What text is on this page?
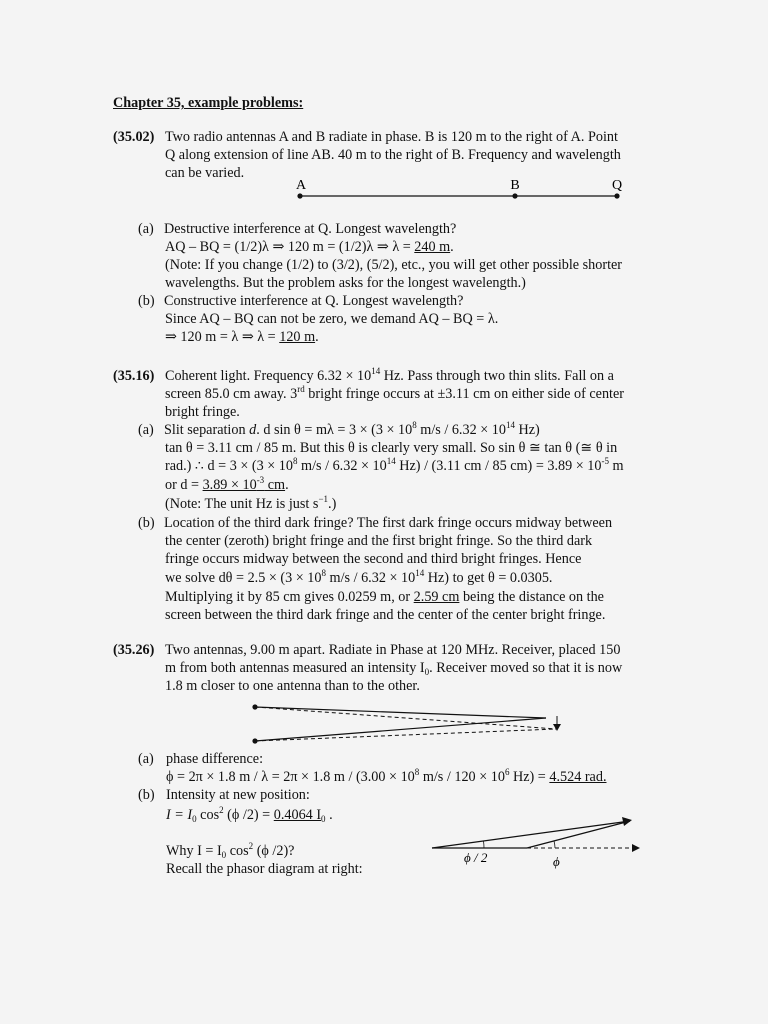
Chapter 35, example problems:
(35.02) Two radio antennas A and B radiate in phase. B is 120 m to the right of A. Point
Q along extension of line AB. 40 m to the right of B. Frequency and wavelength
can be varied.
A	B	Q
(a) Destructive interference at Q. Longest wavelength?
AQ – BQ = (1/2)λ ⇒ 120 m = (1/2)λ ⇒ λ = 240 m.
(Note: If you change (1/2) to (3/2), (5/2), etc., you will get other possible shorter
wavelengths. But the problem asks for the longest wavelength.)
(b) Constructive interference at Q. Longest wavelength?
Since AQ – BQ can not be zero, we demand AQ – BQ = λ.
⇒ 120 m = λ ⇒ λ = 120 m.
(35.16) Coherent light. Frequency $6.32 \times 10^{14}$ Hz. Pass through two thin slits. Fall on a
screen 85.0 cm away. 3rd bright fringe occurs at ±3.11 cm on either side of center
bright fringe.
(a) Slit separation d. d $\sin \theta = m\lambda = 3 \times (3 \times 10^8$ $m/s / 6.32 \times 10^{14}$ Hz)
tan θ = 3.11 cm / 85 m. But this θ is clearly very small. So sin θ ≅ tan θ (≅ θ in
rad.) ∴ $d = 3 \times (3 \times 10^8$ $m/s / 6.32 \times 10^{14}$ Hz) / (3.11 cm / 85 $cm) = 3.89 \times 10^{-5}$ m
or $d = 3.89 \times 10^{-3}$ cm.
(Note: The unit Hz is just $s^{-1}$.)
(b) Location of the third dark fringe? The first dark fringe occurs midway between
the center (zeroth) bright fringe and the first bright fringe. So the third dark
fringe occurs midway between the second and third bright fringes. Hence
we solve $d\theta = 2.5 \times (3 \times 10^8$ $m/s / 6.32 \times 10^{14}$ Hz) to get θ = 0.0305.
Multiplying it by 85 cm gives 0.0259 m, or 2.59 cm being the distance on the
screen between the third dark fringe and the center of the center bright fringe.
(35.26) Two antennas, 9.00 m apart. Radiate in Phase at 120 MHz. Receiver, placed 150
m from both antennas measured an intensity $I_0$. Receiver moved so that it is now
1.8 m closer to one antenna than to the other.
(a) phase difference:
ϕ = 2π × 1.8 m / λ = 2π × 1.8 $m / (3.00 \times 10^8$ $m/s / 120 \times 10^6$ Hz) = 4.524 rad.
(b) Intensity at new position:
$I = I_0$ $\cos^2 (\phi$ /2) = 0.4064 $I_0$ .
Why $I = I_0$ $\cos^2 (\phi$ /2)?
Recall the phasor diagram at right:
ϕ / 2	ϕ
